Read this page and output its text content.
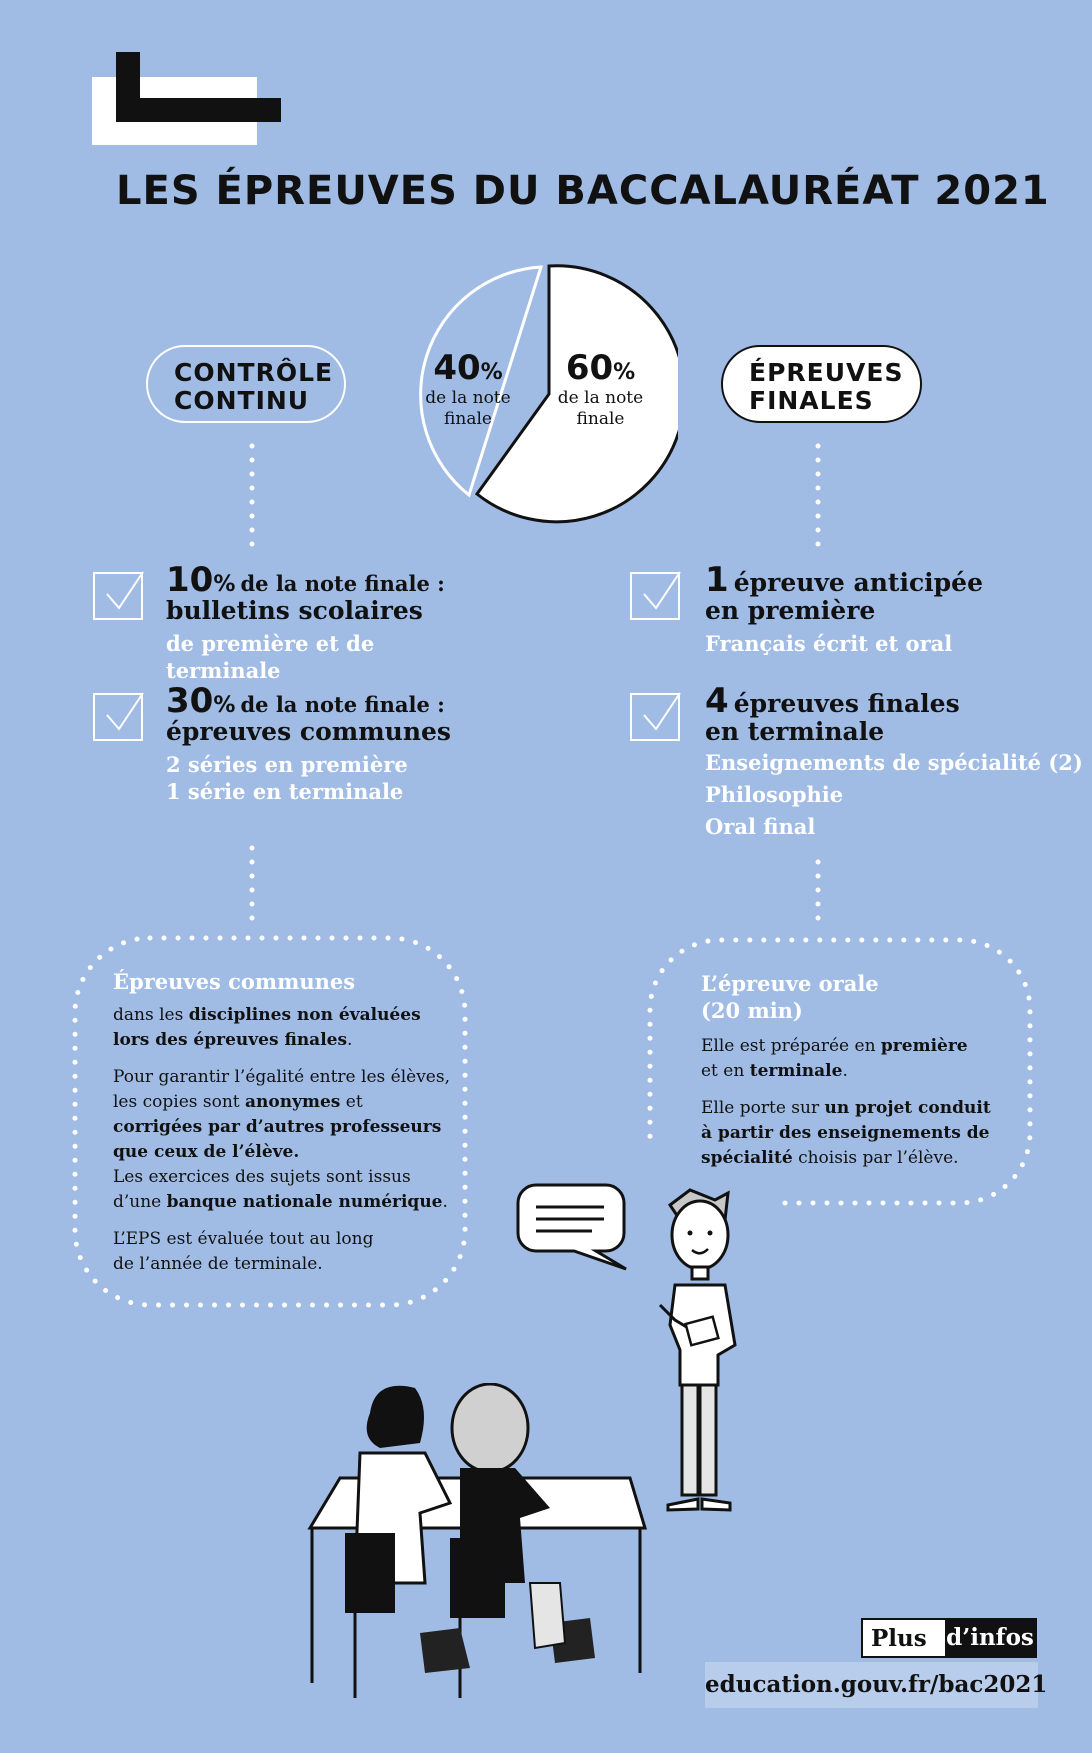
LES ÉPREUVES DU BACCALAURÉAT 2021
40%
de la note
finale
60%
de la note
finale
CONTRÔLE
CONTINU
ÉPREUVES
FINALES
10% de la note finale :
bulletins scolaires
de première et de terminale
30% de la note finale :
épreuves communes
2 séries en première
1 série en terminale
1 épreuve anticipée
en première
Français écrit et oral
4 épreuves finales
en terminale
Enseignements de spécialité (2)
Philosophie
Oral final
Épreuves communes

dans les disciplines non évaluées lors des épreuves finales.

Pour garantir l’égalité entre les élèves, les copies sont anonymes et corrigées par d’autres professeurs que ceux de l’élève.
Les exercices des sujets sont issus d’une banque nationale numérique.

L’EPS est évaluée tout au long de l’année de terminale.

L’épreuve orale
(20 min)

Elle est préparée en première et en terminale.

Elle porte sur un projet conduit à partir des enseignements de spécialité choisis par l’élève.

Plus d’infos
education.gouv.fr/bac2021
